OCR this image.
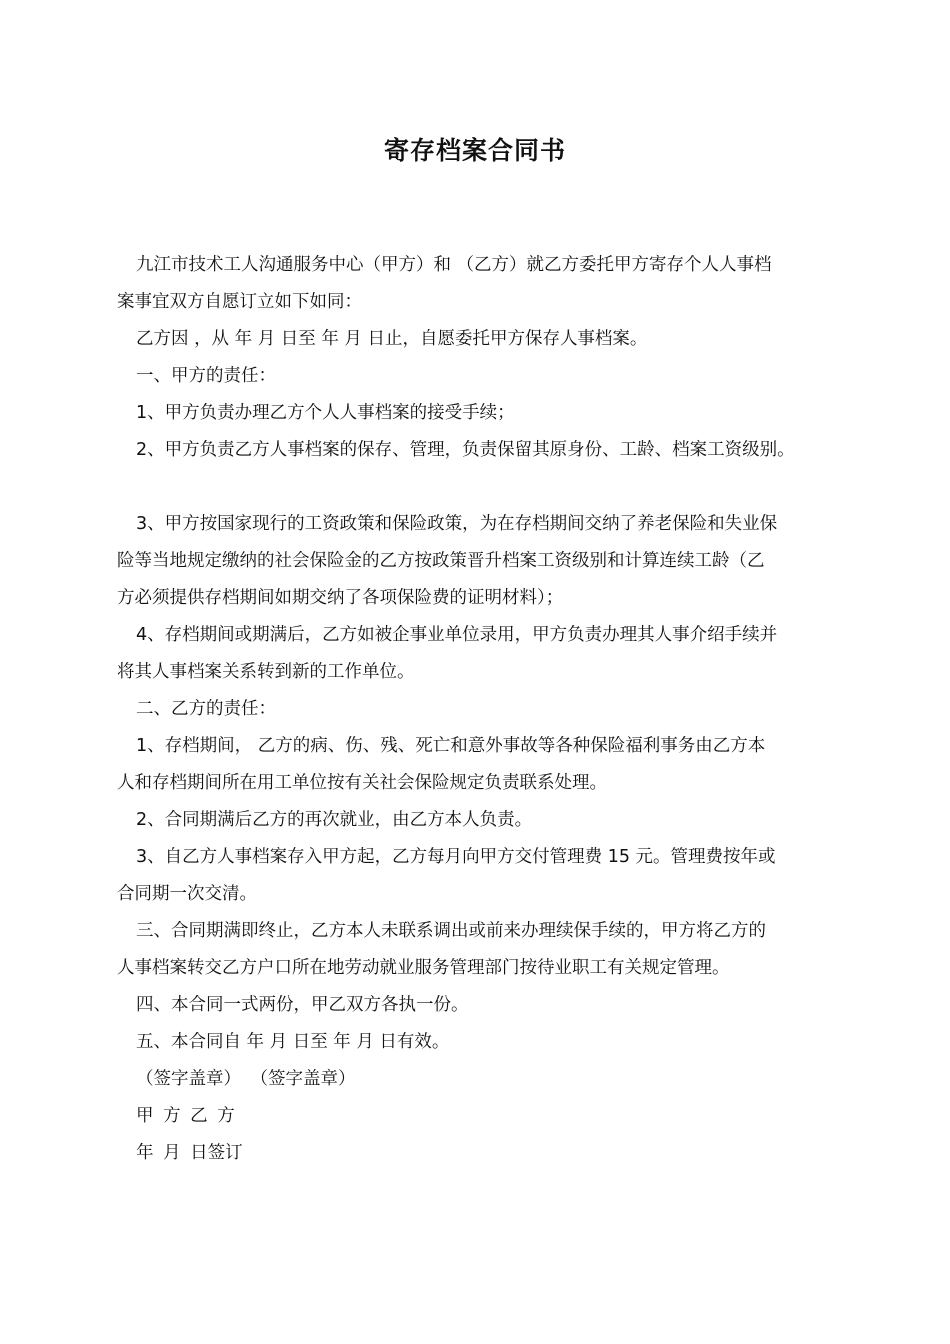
寄存档案合同书

九江市技术工人沟通服务中心（甲方）和 （乙方）就乙方委托甲方寄存个人人事档

案事宜双方自愿订立如下如同：

乙方因 ，从 年 月 日至 年 月 日止，自愿委托甲方保存人事档案。

一、甲方的责任：

1、甲方负责办理乙方个人人事档案的接受手续；

2、甲方负责乙方人事档案的保存、管理，负责保留其原身份、工龄、档案工资级别。

3、甲方按国家现行的工资政策和保险政策，为在存档期间交纳了养老保险和失业保

险等当地规定缴纳的社会保险金的乙方按政策晋升档案工资级别和计算连续工龄（乙

方必须提供存档期间如期交纳了各项保险费的证明材料）；

4、存档期间或期满后，乙方如被企事业单位录用，甲方负责办理其人事介绍手续并

将其人事档案关系转到新的工作单位。

二、乙方的责任：

1、存档期间， 乙方的病、伤、残、死亡和意外事故等各种保险福利事务由乙方本

人和存档期间所在用工单位按有关社会保险规定负责联系处理。

2、合同期满后乙方的再次就业，由乙方本人负责。

3、自乙方人事档案存入甲方起，乙方每月向甲方交付管理费 15 元。管理费按年或

合同期一次交清。

三、合同期满即终止，乙方本人未联系调出或前来办理续保手续的，甲方将乙方的

人事档案转交乙方户口所在地劳动就业服务管理部门按待业职工有关规定管理。

四、本合同一式两份，甲乙双方各执一份。

五、本合同自 年 月 日至 年 月 日有效。

（签字盖章） （签字盖章）

甲 方 乙 方

年 月 日签订
